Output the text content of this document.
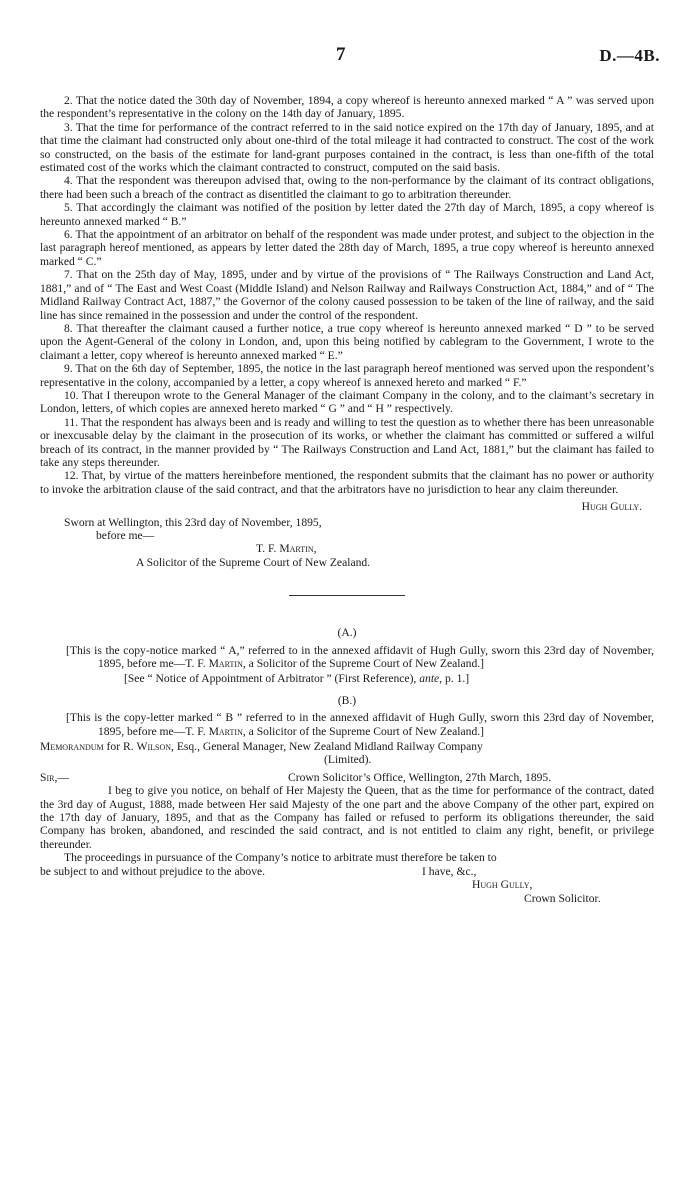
7	D.—4B.

2. That the notice dated the 30th day of November, 1894, a copy whereof is hereunto annexed marked “ A ” was served upon the respondent’s representative in the colony on the 14th day of January, 1895.

3. That the time for performance of the contract referred to in the said notice expired on the 17th day of January, 1895, and at that time the claimant had constructed only about one-third of the total mileage it had contracted to construct. The cost of the work so constructed, on the basis of the estimate for land-grant purposes contained in the contract, is less than one-fifth of the total estimated cost of the works which the claimant contracted to construct, computed on the said basis.

4. That the respondent was thereupon advised that, owing to the non-performance by the claimant of its contract obligations, there had been such a breach of the contract as disentitled the claimant to go to arbitration thereunder.

5. That accordingly the claimant was notified of the position by letter dated the 27th day of March, 1895, a copy whereof is hereunto annexed marked “ B.”

6. That the appointment of an arbitrator on behalf of the respondent was made under protest, and subject to the objection in the last paragraph hereof mentioned, as appears by letter dated the 28th day of March, 1895, a true copy whereof is hereunto annexed marked “ C.”

7. That on the 25th day of May, 1895, under and by virtue of the provisions of “ The Railways Construction and Land Act, 1881,” and of “ The East and West Coast (Middle Island) and Nelson Railway and Railways Construction Act, 1884,” and of “ The Midland Railway Contract Act, 1887,” the Governor of the colony caused possession to be taken of the line of railway, and the said line has since remained in the possession and under the control of the respondent.

8. That thereafter the claimant caused a further notice, a true copy whereof is hereunto annexed marked “ D ” to be served upon the Agent-General of the colony in London, and, upon this being notified by cablegram to the Government, I wrote to the claimant a letter, copy whereof is hereunto annexed marked “ E.”

9. That on the 6th day of September, 1895, the notice in the last paragraph hereof mentioned was served upon the respondent’s representative in the colony, accompanied by a letter, a copy whereof is annexed hereto and marked “ F.”

10. That I thereupon wrote to the General Manager of the claimant Company in the colony, and to the claimant’s secretary in London, letters, of which copies are annexed hereto marked “ G ” and “ H ” respectively.

11. That the respondent has always been and is ready and willing to test the question as to whether there has been unreasonable or inexcusable delay by the claimant in the prosecution of its works, or whether the claimant has committed or suffered a wilful breach of its contract, in the manner provided by “ The Railways Construction and Land Act, 1881,” but the claimant has failed to take any steps thereunder.

12. That, by virtue of the matters hereinbefore mentioned, the respondent submits that the claimant has no power or authority to invoke the arbitration clause of the said contract, and that the arbitrators have no jurisdiction to hear any claim thereunder.

Hugh Gully.

Sworn at Wellington, this 23rd day of November, 1895,
before me—
T. F. Martin,
A Solicitor of the Supreme Court of New Zealand.
(A.)

[This is the copy-notice marked “ A,” referred to in the annexed affidavit of Hugh Gully, sworn this 23rd day of November, 1895, before me—T. F. Martin, a Solicitor of the Supreme Court of New Zealand.]

[See “ Notice of Appointment of Arbitrator ” (First Reference), ante, p. 1.]

(B.)

[This is the copy-letter marked “ B ” referred to in the annexed affidavit of Hugh Gully, sworn this 23rd day of November, 1895, before me—T. F. Martin, a Solicitor of the Supreme Court of New Zealand.]

Memorandum for R. Wilson, Esq., General Manager, New Zealand Midland Railway Company
(Limited).
Sir,—	Crown Solicitor’s Office, Wellington, 27th March, 1895.

I beg to give you notice, on behalf of Her Majesty the Queen, that as the time for performance of the contract, dated the 3rd day of August, 1888, made between Her said Majesty of the one part and the above Company of the other part, expired on the 17th day of January, 1895, and that as the Company has failed or refused to perform its obligations thereunder, the said Company has broken, abandoned, and rescinded the said contract, and is not entitled to claim any right, benefit, or privilege thereunder.

The proceedings in pursuance of the Company’s notice to arbitrate must therefore be taken to

be subject to and without prejudice to the above.	I have, &c.,

Hugh Gully,

Crown Solicitor.
